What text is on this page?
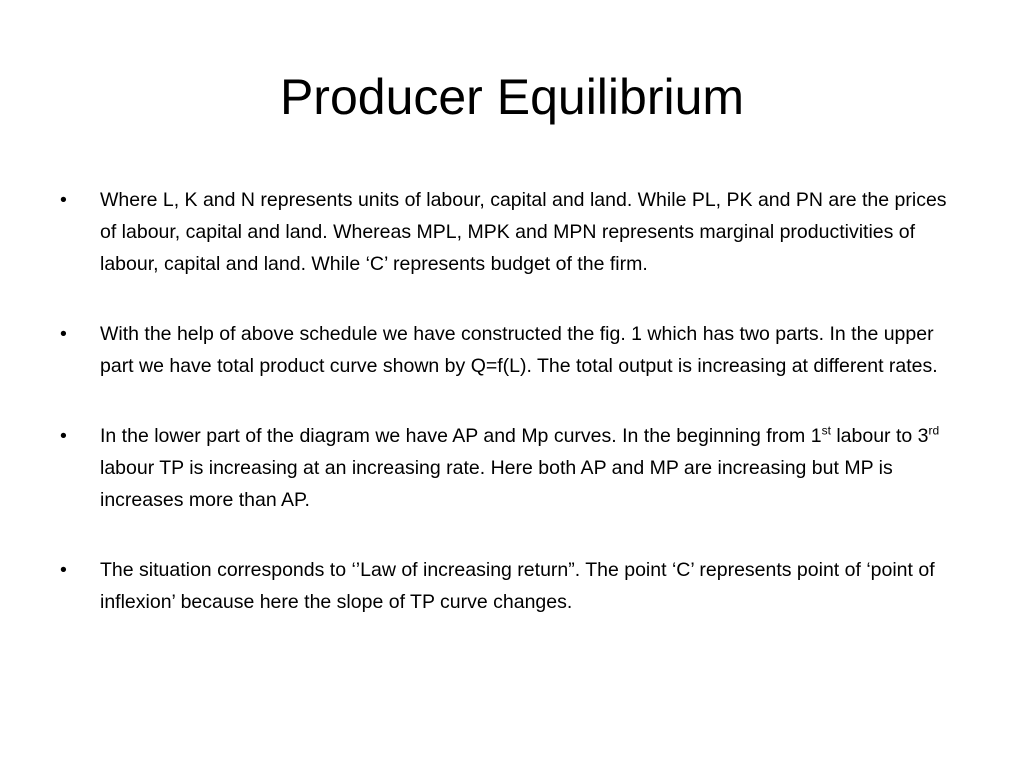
Producer Equilibrium
•	Where L, K and N represents units of labour, capital and land. While PL, PK and PN are the prices of labour, capital and land. Whereas MPL, MPK and MPN represents marginal productivities of labour, capital and land. While ‘C’ represents budget of the firm.
•	With the help of above schedule we have constructed the fig. 1 which has two parts. In the upper part we have total product curve shown by Q=f(L). The total output is increasing at different rates.
•	In the lower part of the diagram we have AP and Mp curves. In the beginning from 1st labour to 3rd labour TP is increasing at an increasing rate. Here both AP and MP are increasing but MP is increases more than AP.
•	The situation corresponds to ‘’Law of increasing return”. The point ‘C’ represents point of ‘point of inflexion’ because here the slope of TP curve changes.
